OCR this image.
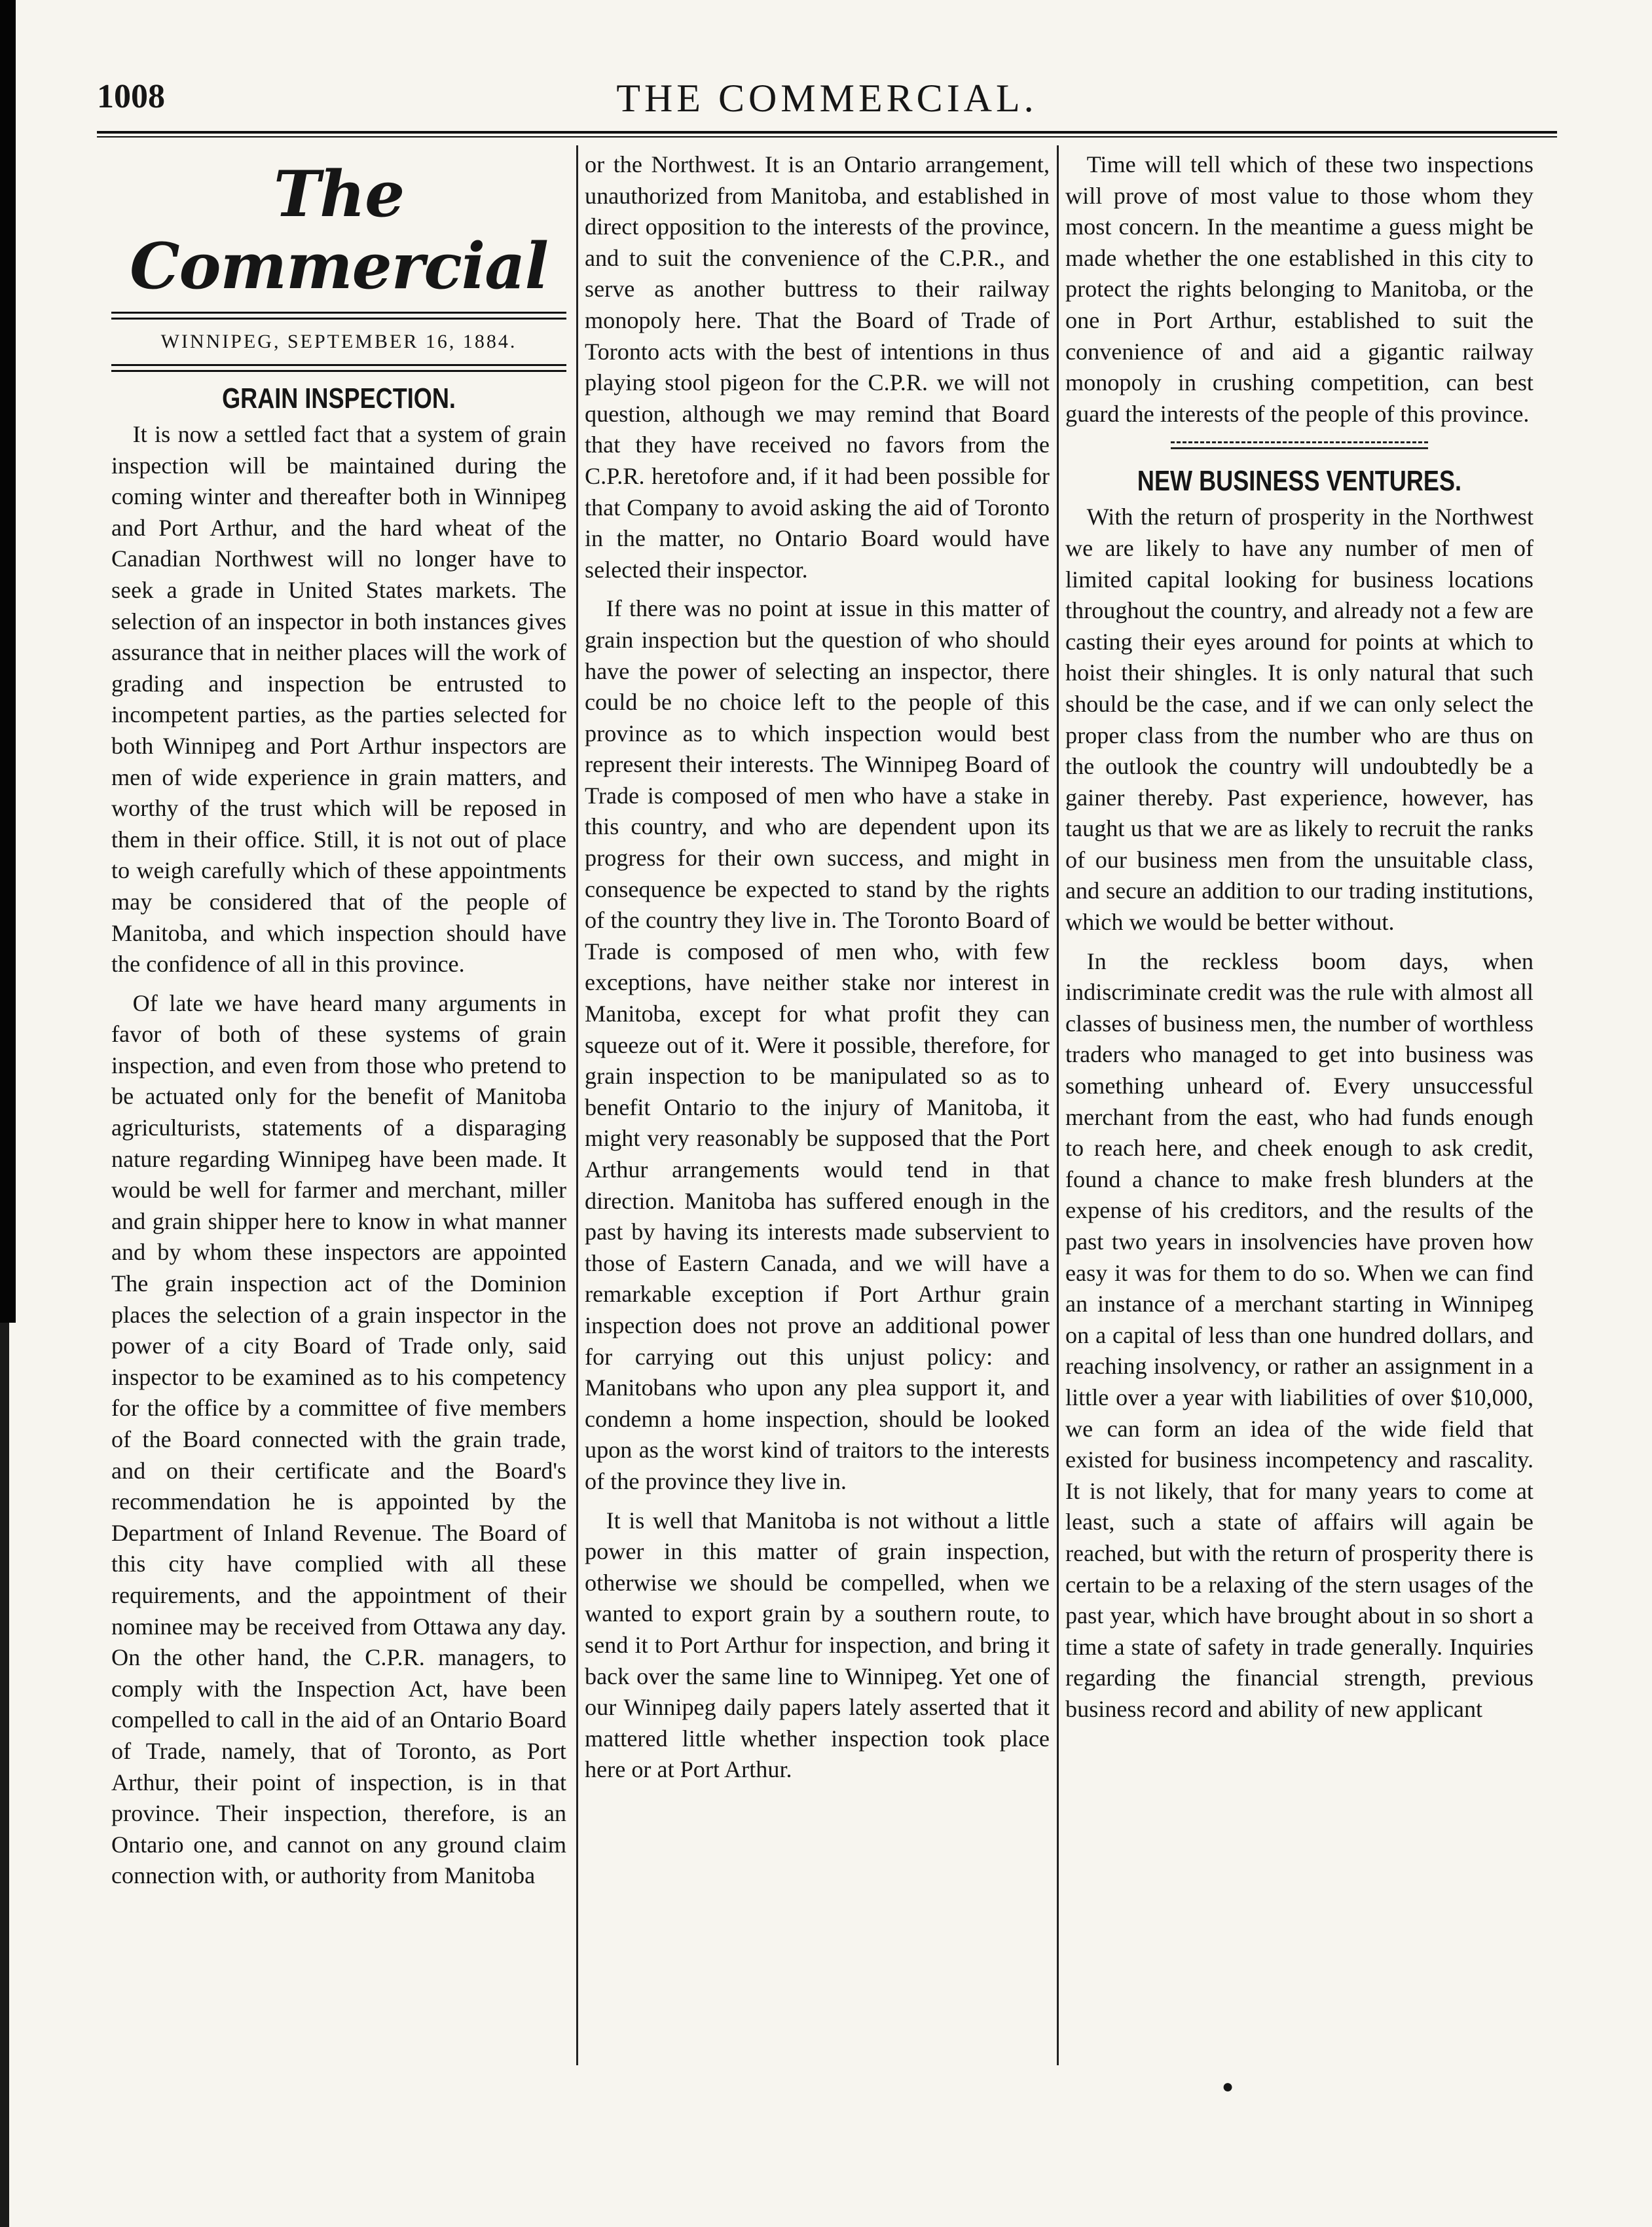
1008	THE COMMERCIAL.
The Commercial
WINNIPEG, SEPTEMBER 16, 1884.
GRAIN INSPECTION.

It is now a settled fact that a system of grain inspection will be maintained during the coming winter and thereafter both in Winnipeg and Port Arthur, and the hard wheat of the Canadian Northwest will no longer have to seek a grade in United States markets. The selection of an inspector in both instances gives assurance that in neither places will the work of grading and inspection be entrusted to incompetent parties, as the parties selected for both Winnipeg and Port Arthur inspectors are men of wide experience in grain matters, and worthy of the trust which will be reposed in them in their office. Still, it is not out of place to weigh carefully which of these appointments may be considered that of the people of Manitoba, and which inspection should have the confidence of all in this province.

Of late we have heard many arguments in favor of both of these systems of grain inspection, and even from those who pretend to be actuated only for the benefit of Manitoba agriculturists, statements of a disparaging nature regarding Winnipeg have been made. It would be well for farmer and merchant, miller and grain shipper here to know in what manner and by whom these inspectors are appointed The grain inspection act of the Dominion places the selection of a grain inspector in the power of a city Board of Trade only, said inspector to be examined as to his competency for the office by a committee of five members of the Board connected with the grain trade, and on their certificate and the Board's recommendation he is appointed by the Department of Inland Revenue. The Board of this city have complied with all these requirements, and the appointment of their nominee may be received from Ottawa any day. On the other hand, the C.P.R. managers, to comply with the Inspection Act, have been compelled to call in the aid of an Ontario Board of Trade, namely, that of Toronto, as Port Arthur, their point of inspection, is in that province. Their inspection, therefore, is an Ontario one, and cannot on any ground claim connection with, or authority from Manitoba

or the Northwest. It is an Ontario arrangement, unauthorized from Manitoba, and established in direct opposition to the interests of the province, and to suit the convenience of the C.P.R., and serve as another buttress to their railway monopoly here. That the Board of Trade of Toronto acts with the best of intentions in thus playing stool pigeon for the C.P.R. we will not question, although we may remind that Board that they have received no favors from the C.P.R. heretofore and, if it had been possible for that Company to avoid asking the aid of Toronto in the matter, no Ontario Board would have selected their inspector.

If there was no point at issue in this matter of grain inspection but the question of who should have the power of selecting an inspector, there could be no choice left to the people of this province as to which inspection would best represent their interests. The Winnipeg Board of Trade is composed of men who have a stake in this country, and who are dependent upon its progress for their own success, and might in consequence be expected to stand by the rights of the country they live in. The Toronto Board of Trade is composed of men who, with few exceptions, have neither stake nor interest in Manitoba, except for what profit they can squeeze out of it. Were it possible, therefore, for grain inspection to be manipulated so as to benefit Ontario to the injury of Manitoba, it might very reasonably be supposed that the Port Arthur arrangements would tend in that direction. Manitoba has suffered enough in the past by having its interests made subservient to those of Eastern Canada, and we will have a remarkable exception if Port Arthur grain inspection does not prove an additional power for carrying out this unjust policy: and Manitobans who upon any plea support it, and condemn a home inspection, should be looked upon as the worst kind of traitors to the interests of the province they live in.

It is well that Manitoba is not without a little power in this matter of grain inspection, otherwise we should be compelled, when we wanted to export grain by a southern route, to send it to Port Arthur for inspection, and bring it back over the same line to Winnipeg. Yet one of our Winnipeg daily papers lately asserted that it mattered little whether inspection took place here or at Port Arthur.

Time will tell which of these two inspections will prove of most value to those whom they most concern. In the meantime a guess might be made whether the one established in this city to protect the rights belonging to Manitoba, or the one in Port Arthur, established to suit the convenience of and aid a gigantic railway monopoly in crushing competition, can best guard the interests of the people of this province.

NEW BUSINESS VENTURES.

With the return of prosperity in the Northwest we are likely to have any number of men of limited capital looking for business locations throughout the country, and already not a few are casting their eyes around for points at which to hoist their shingles. It is only natural that such should be the case, and if we can only select the proper class from the number who are thus on the outlook the country will undoubtedly be a gainer thereby. Past experience, however, has taught us that we are as likely to recruit the ranks of our business men from the unsuitable class, and secure an addition to our trading institutions, which we would be better without.

In the reckless boom days, when indiscriminate credit was the rule with almost all classes of business men, the number of worthless traders who managed to get into business was something unheard of. Every unsuccessful merchant from the east, who had funds enough to reach here, and cheek enough to ask credit, found a chance to make fresh blunders at the expense of his creditors, and the results of the past two years in insolvencies have proven how easy it was for them to do so. When we can find an instance of a merchant starting in Winnipeg on a capital of less than one hundred dollars, and reaching insolvency, or rather an assignment in a little over a year with liabilities of over $10,000, we can form an idea of the wide field that existed for business incompetency and rascality. It is not likely, that for many years to come at least, such a state of affairs will again be reached, but with the return of prosperity there is certain to be a relaxing of the stern usages of the past year, which have brought about in so short a time a state of safety in trade generally. Inquiries regarding the financial strength, previous business record and ability of new applicant

●
